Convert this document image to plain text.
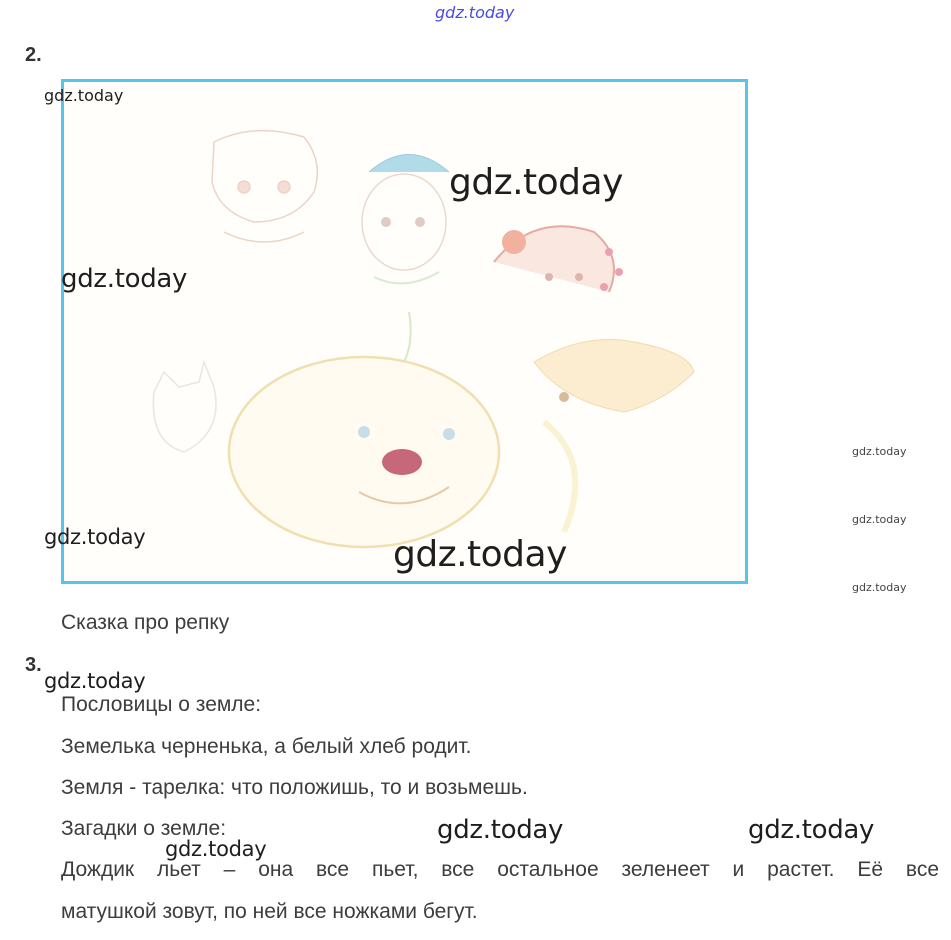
gdz.today
2.
gdz.today
gdz.today
gdz.today
gdz.today	gdz.today
gdz.today
gdz.today
gdz.today
Сказка про репку
3.
gdz.today
Пословицы о земле:
Земелька черненька, а белый хлеб родит.
Земля - тарелка: что положишь, то и возьмешь.
Загадки о земле:	gdz.today	gdz.today
gdz.today
Дождик льет – она все пьет, все остальное зеленеет и растет. Её все
матушкой зовут, по ней все ножками бегут.
